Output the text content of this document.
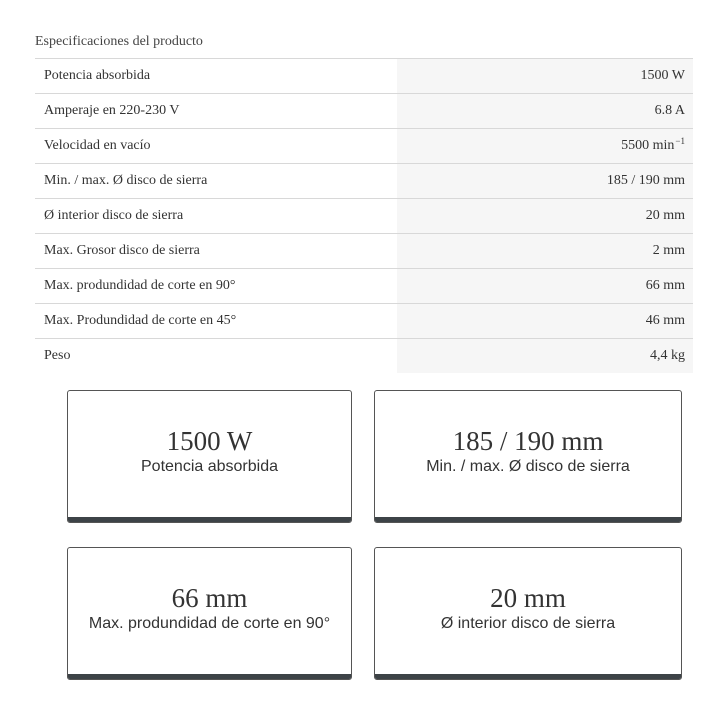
Especificaciones del producto
Potencia absorbida	1500 W
Amperaje en 220-230 V	6.8 A
Velocidad en vacío	5500 min −1
Min. / max. Ø disco de sierra	185 / 190 mm
Ø interior disco de sierra	20 mm
Max. Grosor disco de sierra	2 mm
Max. produndidad de corte en 90°	66 mm
Max. Produndidad de corte en 45°	46 mm
Peso	4,4 kg
1500 W
Potencia absorbida
185 / 190 mm
Min. / max. Ø disco de sierra
66 mm
Max. produndidad de corte en 90°
20 mm
Ø interior disco de sierra
